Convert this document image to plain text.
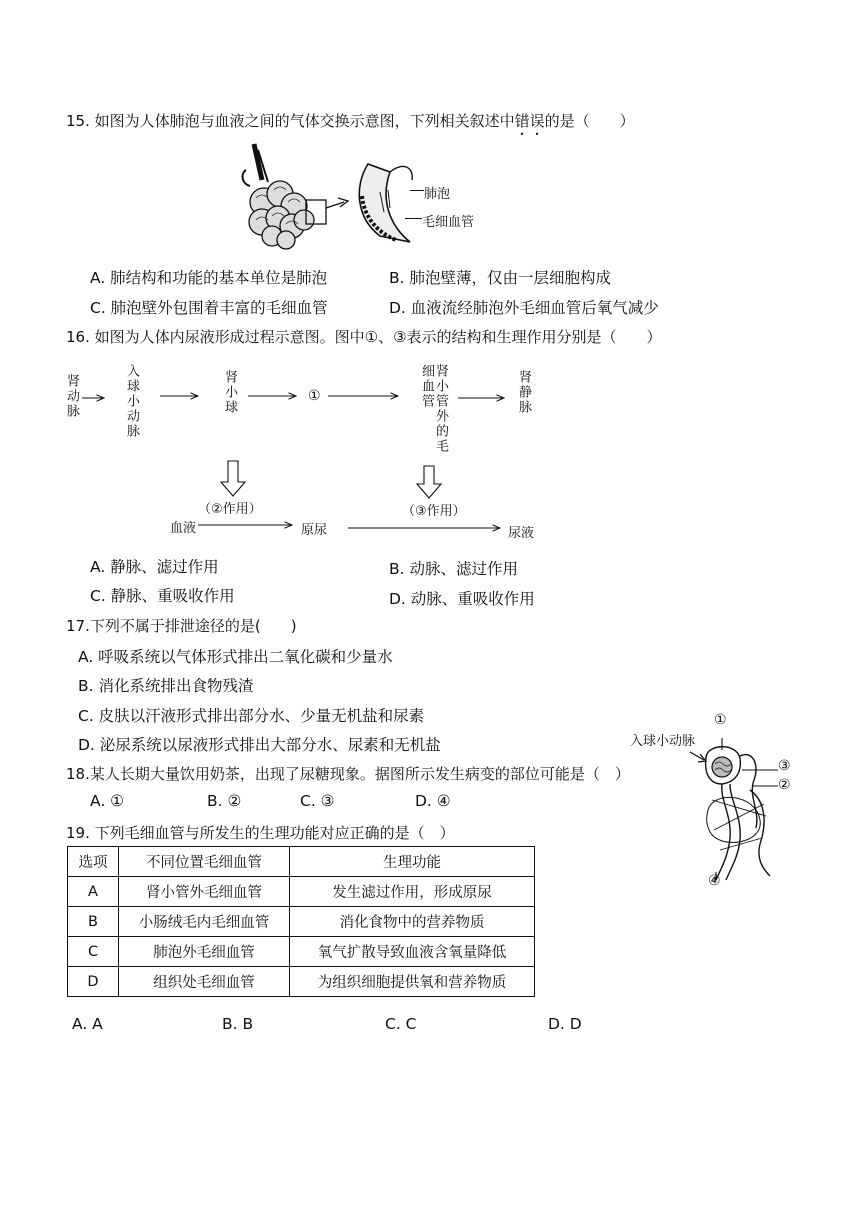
15. 如图为人体肺泡与血液之间的气体交换示意图，下列相关叙述中错误的是（　　）
肺泡
毛细血管
A. 肺结构和功能的基本单位是肺泡	B. 肺泡壁薄，仅由一层细胞构成
C. 肺泡壁外包围着丰富的毛细血管	D. 血液流经肺泡外毛细血管后氧气减少
16. 如图为人体内尿液形成过程示意图。图中①、③表示的结构和生理作用分别是（　　）
肾动脉	入球小动脉	肾小球	①	肾小管外的毛细血管	肾静脉
（②作用）	（③作用）
血液	原尿	尿液
A. 静脉、滤过作用	B. 动脉、滤过作用
C. 静脉、重吸收作用	D. 动脉、重吸收作用
17.下列不属于排泄途径的是(　　)
A. 呼吸系统以气体形式排出二氧化碳和少量水
B. 消化系统排出食物残渣
C. 皮肤以汗液形式排出部分水、少量无机盐和尿素
D. 泌尿系统以尿液形式排出大部分水、尿素和无机盐
18.某人长期大量饮用奶茶，出现了尿糖现象。据图所示发生病变的部位可能是（　）
A. ①	B. ②	C. ③	D. ④
入球小动脉
①
③
②
④
19. 下列毛细血管与所发生的生理功能对应正确的是（　）
选项	不同位置毛细血管	生理功能
A	肾小管外毛细血管	发生滤过作用，形成原尿
B	小肠绒毛内毛细血管	消化食物中的营养物质
C	肺泡外毛细血管	氧气扩散导致血液含氧量降低
D	组织处毛细血管	为组织细胞提供氧和营养物质
A. A	B. B	C. C	D. D
